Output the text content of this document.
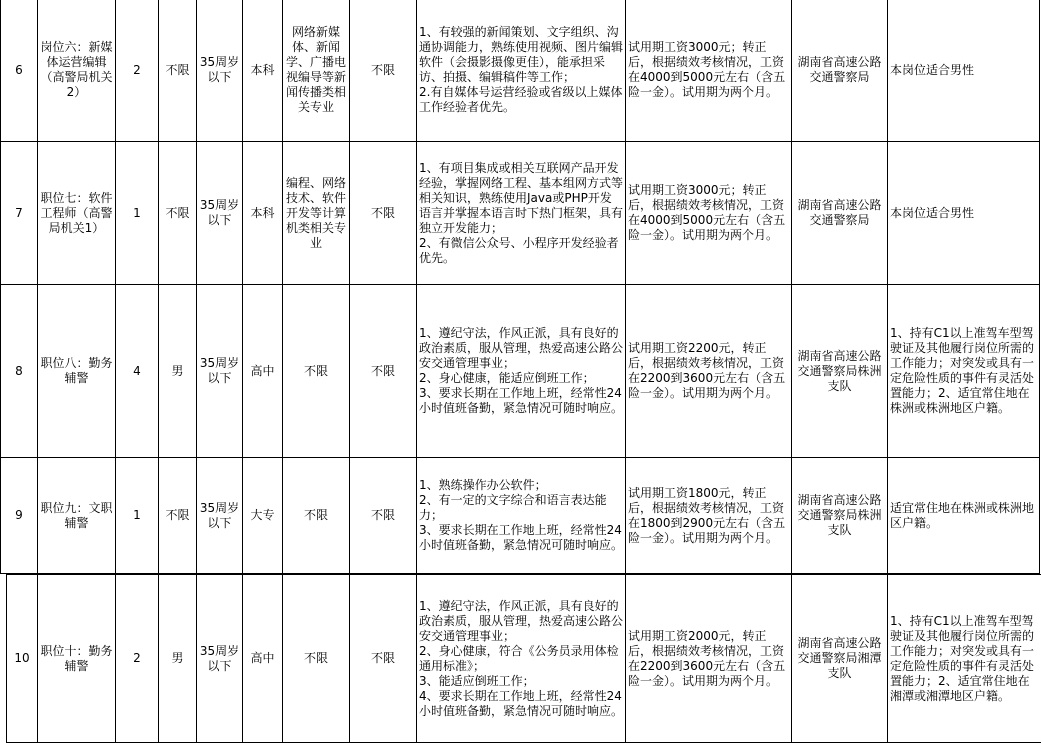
6	岗位六：新媒体运营编辑（高警局机关2）	2	不限	35周岁以下	本科	网络新媒体、新闻学、广播电视编导等新闻传播类相关专业	不限	1、有较强的新闻策划、文字组织、沟通协调能力，熟练使用视频、图片编辑软件（会摄影摄像更佳），能承担采访、拍摄、编辑稿件等工作；
2.有自媒体号运营经验或省级以上媒体工作经验者优先。	试用期工资3000元；转正后，根据绩效考核情况，工资在4000到5000元左右（含五险一金）。试用期为两个月。	湖南省高速公路交通警察局	本岗位适合男性
7	职位七：软件工程师（高警局机关1）	1	不限	35周岁以下	本科	编程、网络技术、软件开发等计算机类相关专业	不限	1、有项目集成或相关互联网产品开发经验，掌握网络工程、基本组网方式等相关知识，熟练使用Java或PHP开发语言并掌握本语言时下热门框架，具有独立开发能力；
2、有微信公众号、小程序开发经验者优先。	试用期工资3000元；转正后，根据绩效考核情况，工资在4000到5000元左右（含五险一金）。试用期为两个月。	湖南省高速公路交通警察局	本岗位适合男性
8	职位八：勤务辅警	4	男	35周岁以下	高中	不限	不限	1、遵纪守法，作风正派，具有良好的政治素质，服从管理，热爱高速公路公安交通管理事业；
2、身心健康，能适应倒班工作；
3、要求长期在工作地上班，经常性24小时值班备勤，紧急情况可随时响应。	试用期工资2200元，转正后，根据绩效考核情况，工资在2200到3600元左右（含五险一金）。试用期为两个月。	湖南省高速公路交通警察局株洲支队	1、持有C1以上准驾车型驾驶证及其他履行岗位所需的工作能力；对突发或具有一定危险性质的事件有灵活处置能力；2、适宜常住地在株洲或株洲地区户籍。
9	职位九：文职辅警	1	不限	35周岁以下	大专	不限	不限	1、熟练操作办公软件；
2、有一定的文字综合和语言表达能力；
3、要求长期在工作地上班，经常性24小时值班备勤，紧急情况可随时响应。	试用期工资1800元，转正后，根据绩效考核情况，工资在1800到2900元左右（含五险一金）。试用期为两个月。	湖南省高速公路交通警察局株洲支队	适宜常住地在株洲或株洲地区户籍。
10	职位十：勤务辅警	2	男	35周岁以下	高中	不限	不限	1、遵纪守法，作风正派，具有良好的政治素质，服从管理，热爱高速公路公安交通管理事业；
2、身心健康，符合《公务员录用体检通用标准》；
3、能适应倒班工作；
4、要求长期在工作地上班，经常性24小时值班备勤，紧急情况可随时响应。	试用期工资2000元，转正后，根据绩效考核情况，工资在2200到3600元左右（含五险一金）。试用期为两个月。	湖南省高速公路交通警察局湘潭支队	1、持有C1以上准驾车型驾驶证及其他履行岗位所需的工作能力；对突发或具有一定危险性质的事件有灵活处置能力；2、适宜常住地在湘潭或湘潭地区户籍。
